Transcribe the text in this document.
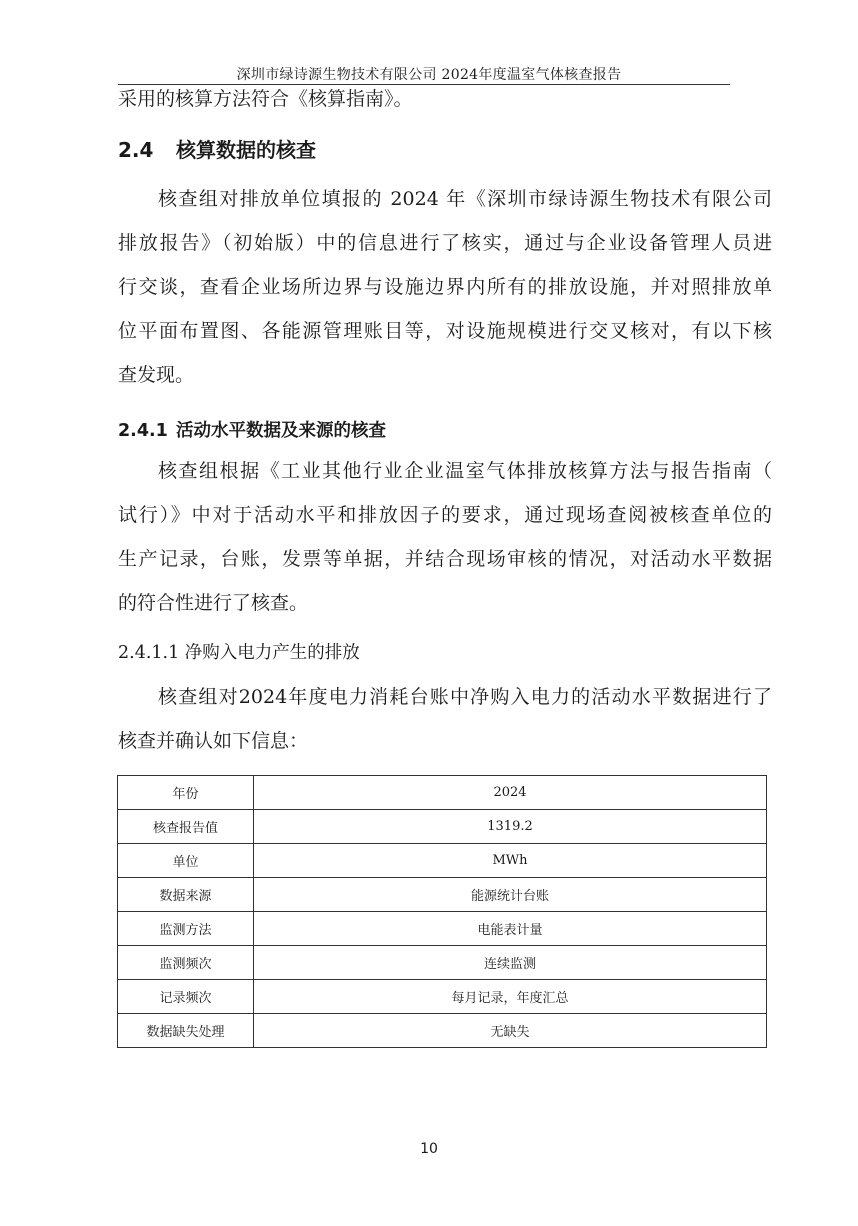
深圳市绿诗源生物技术有限公司 2024年度温室气体核查报告
采用的核算方法符合《核算指南》。
2.4 核算数据的核查
核查组对排放单位填报的 2024 年《深圳市绿诗源生物技术有限公司
排放报告》（初始版）中的信息进行了核实，通过与企业设备管理人员进
行交谈，查看企业场所边界与设施边界内所有的排放设施，并对照排放单
位平面布置图、各能源管理账目等，对设施规模进行交叉核对，有以下核
查发现。
2.4.1 活动水平数据及来源的核查
核查组根据《工业其他行业企业温室气体排放核算方法与报告指南（
试行）》中对于活动水平和排放因子的要求，通过现场查阅被核查单位的
生产记录，台账，发票等单据，并结合现场审核的情况，对活动水平数据
的符合性进行了核查。
2.4.1.1 净购入电力产生的排放
核查组对2024年度电力消耗台账中净购入电力的活动水平数据进行了
核查并确认如下信息：
年份	2024
核查报告值	1319.2
单位	MWh
数据来源	能源统计台账
监测方法	电能表计量
监测频次	连续监测
记录频次	每月记录，年度汇总
数据缺失处理	无缺失
10
